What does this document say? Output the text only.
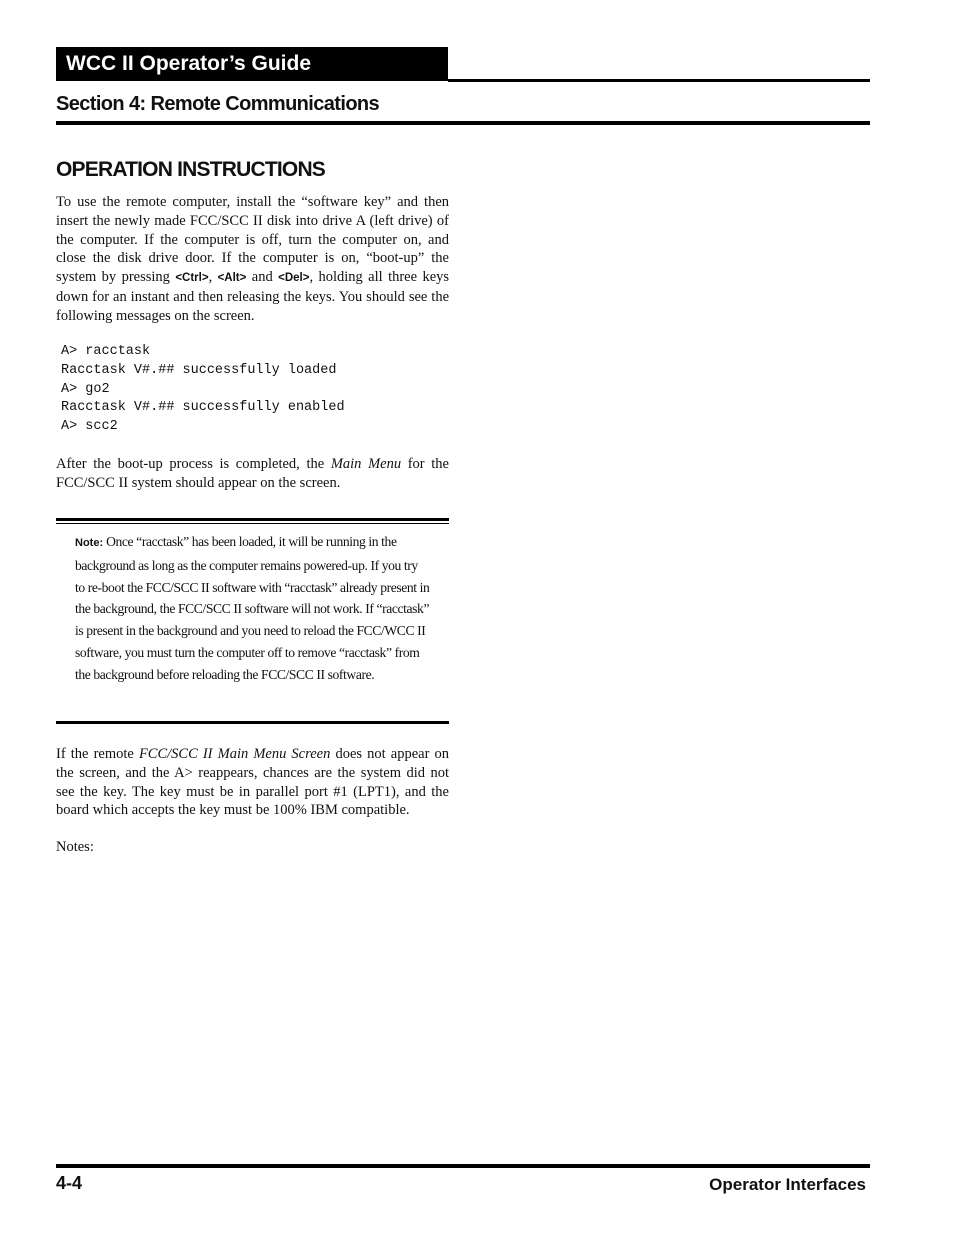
WCC II Operator’s Guide
Section 4: Remote Communications
OPERATION INSTRUCTIONS
To use the remote computer, install the “software key” and then insert the newly made FCC/SCC II disk into drive A (left drive) of the computer. If the computer is off, turn the computer on, and close the disk drive door. If the computer is on, “boot-up” the system by pressing <Ctrl>, <Alt> and <Del>, holding all three keys down for an instant and then releasing the keys. You should see the following messages on the screen.
A> racctask
Racctask V#.## successfully loaded
A> go2
Racctask V#.## successfully enabled
A> scc2
After the boot-up process is completed, the Main Menu for the FCC/SCC II system should appear on the screen.
Note: Once “racctask” has been loaded, it will be running in the background as long as the computer remains powered-up. If you try to re-boot the FCC/SCC II software with “racctask” already present in the background, the FCC/SCC II software will not work. If “racctask” is present in the background and you need to reload the FCC/WCC II software, you must turn the computer off to remove “racctask” from the background before reloading the FCC/SCC II software.
If the remote FCC/SCC II Main Menu Screen does not appear on the screen, and the A> reappears, chances are the system did not see the key. The key must be in parallel port #1 (LPT1), and the board which accepts the key must be 100% IBM compatible.
Notes:
4-4	Operator Interfaces
